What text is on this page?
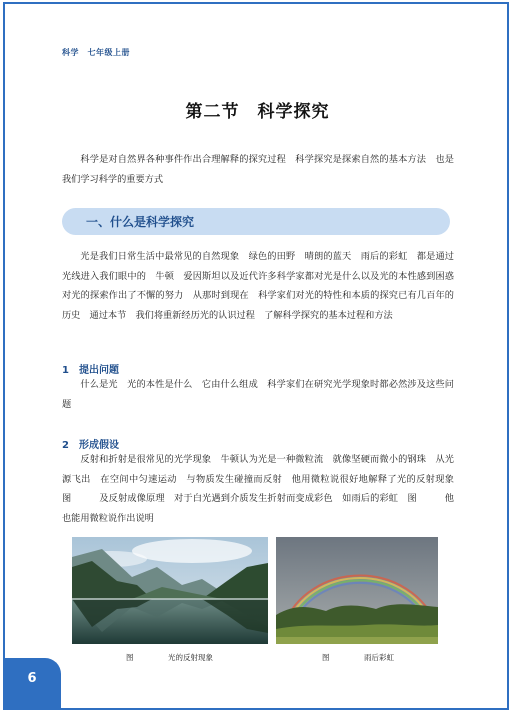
科学　七年级上册
第二节　科学探究
科学是对自然界各种事件作出合理解释的探究过程　科学探究是探索自然的基本方法　也是我们学习科学的重要方式
一、什么是科学探究
光是我们日常生活中最常见的自然现象　绿色的田野　晴朗的蓝天　雨后的彩虹　都是通过光线进入我们眼中的　牛顿　爱因斯坦以及近代许多科学家都对光是什么以及光的本性感到困惑　对光的探索作出了不懈的努力　从那时到现在　科学家们对光的特性和本质的探究已有几百年的历史　通过本节　我们将重新经历光的认识过程　了解科学探究的基本过程和方法
1　提出问题
什么是光　光的本性是什么　它由什么组成　科学家们在研究光学现象时都必然涉及这些问题
2　形成假设
反射和折射是很常见的光学现象　牛顿认为光是一种微粒流　就像坚硬而微小的钢珠　从光源飞出　在空间中匀速运动　与物质发生碰撞而反射　他用微粒说很好地解释了光的反射现象　图　　　及反射成像原理　对于白光遇到介质发生折射而变成彩色　如雨后的彩虹　图　　　他也能用微粒说作出说明
图	光的反射现象	图	雨后彩虹
6
